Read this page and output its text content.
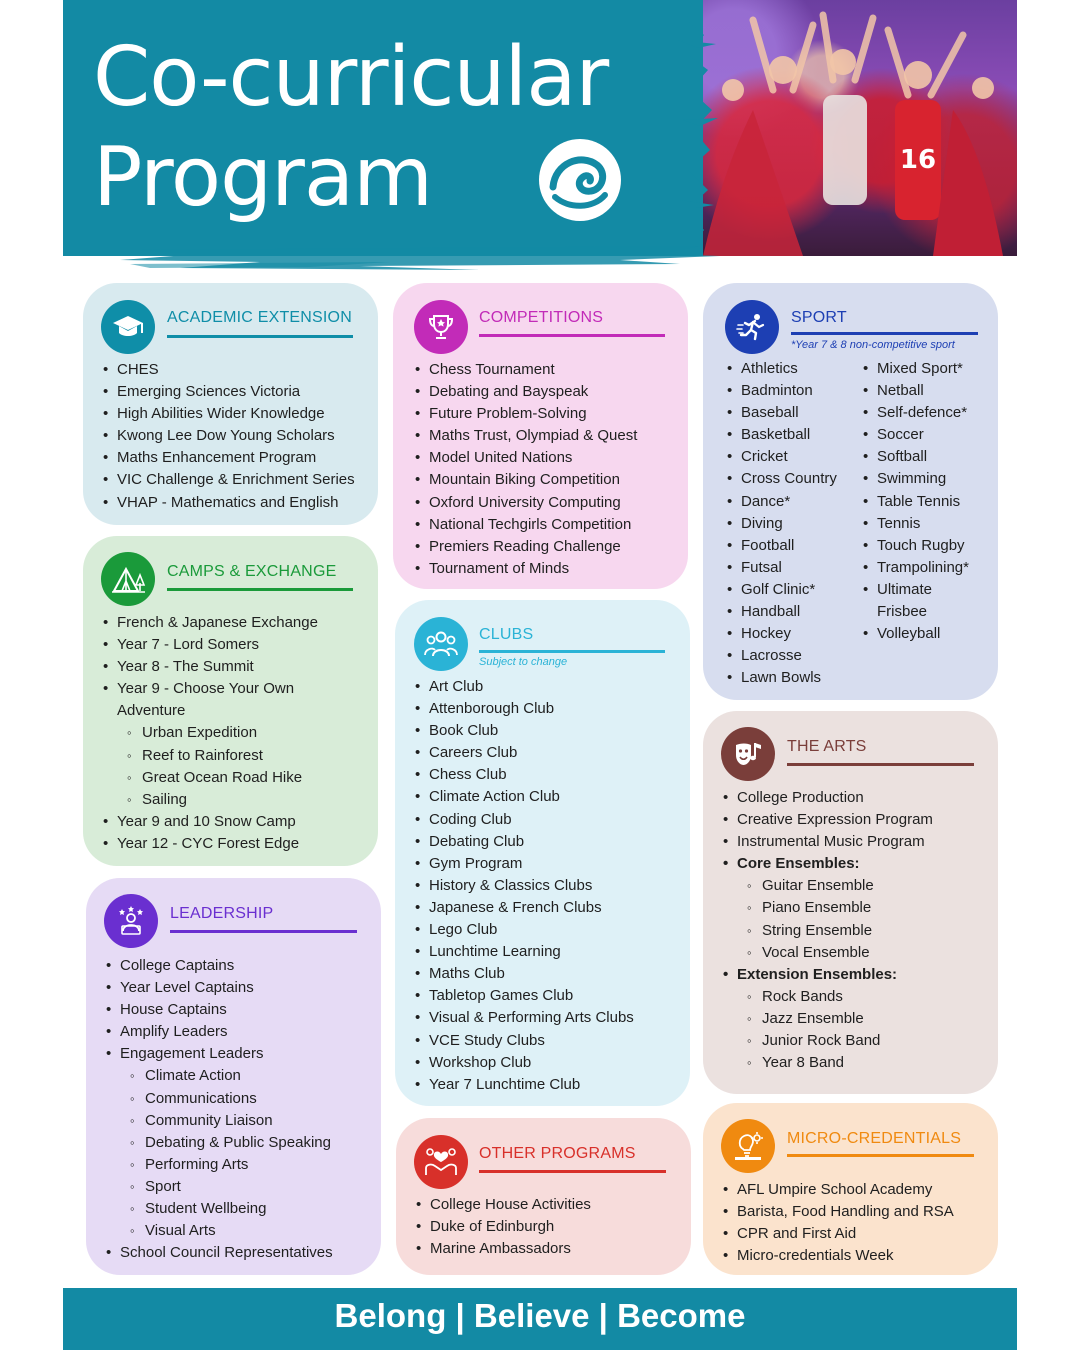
16
Co-curricular
Program
ACADEMIC EXTENSION
• CHES
• Emerging Sciences Victoria
• High Abilities Wider Knowledge
• Kwong Lee Dow Young Scholars
• Maths Enhancement Program
• VIC Challenge & Enrichment Series
• VHAP - Mathematics and English
COMPETITIONS
• Chess Tournament
• Debating and Bayspeak
• Future Problem-Solving
• Maths Trust, Olympiad & Quest
• Model United Nations
• Mountain Biking Competition
• Oxford University Computing
• National Techgirls Competition
• Premiers Reading Challenge
• Tournament of Minds
SPORT
*Year 7 & 8 non-competitive sport
• Athletics
• Badminton
• Baseball
• Basketball
• Cricket
• Cross Country
• Dance*
• Diving
• Football
• Futsal
• Golf Clinic*
• Handball
• Hockey
• Lacrosse
• Lawn Bowls
• Mixed Sport*
• Netball
• Self-defence*
• Soccer
• Softball
• Swimming
• Table Tennis
• Tennis
• Touch Rugby
• Trampolining*
• Ultimate
Frisbee
• Volleyball
CAMPS & EXCHANGE
• French & Japanese Exchange
• Year 7 - Lord Somers
• Year 8 - The Summit
• Year 9 - Choose Your Own
Adventure
◦ Urban Expedition
◦ Reef to Rainforest
◦ Great Ocean Road Hike
◦ Sailing
• Year 9 and 10 Snow Camp
• Year 12 - CYC Forest Edge
CLUBS
Subject to change
• Art Club
• Attenborough Club
• Book Club
• Careers Club
• Chess Club
• Climate Action Club
• Coding Club
• Debating Club
• Gym Program
• History & Classics Clubs
• Japanese & French Clubs
• Lego Club
• Lunchtime Learning
• Maths Club
• Tabletop Games Club
• Visual & Performing Arts Clubs
• VCE Study Clubs
• Workshop Club
• Year 7 Lunchtime Club
THE ARTS
• College Production
• Creative Expression Program
• Instrumental Music Program
• Core Ensembles:
◦ Guitar Ensemble
◦ Piano Ensemble
◦ String Ensemble
◦ Vocal Ensemble
• Extension Ensembles:
◦ Rock Bands
◦ Jazz Ensemble
◦ Junior Rock Band
◦ Year 8 Band
LEADERSHIP
• College Captains
• Year Level Captains
• House Captains
• Amplify Leaders
• Engagement Leaders
◦ Climate Action
◦ Communications
◦ Community Liaison
◦ Debating & Public Speaking
◦ Performing Arts
◦ Sport
◦ Student Wellbeing
◦ Visual Arts
• School Council Representatives
OTHER PROGRAMS
• College House Activities
• Duke of Edinburgh
• Marine Ambassadors
MICRO-CREDENTIALS
• AFL Umpire School Academy
• Barista, Food Handling and RSA
• CPR and First Aid
• Micro-credentials Week
Belong | Believe | Become
